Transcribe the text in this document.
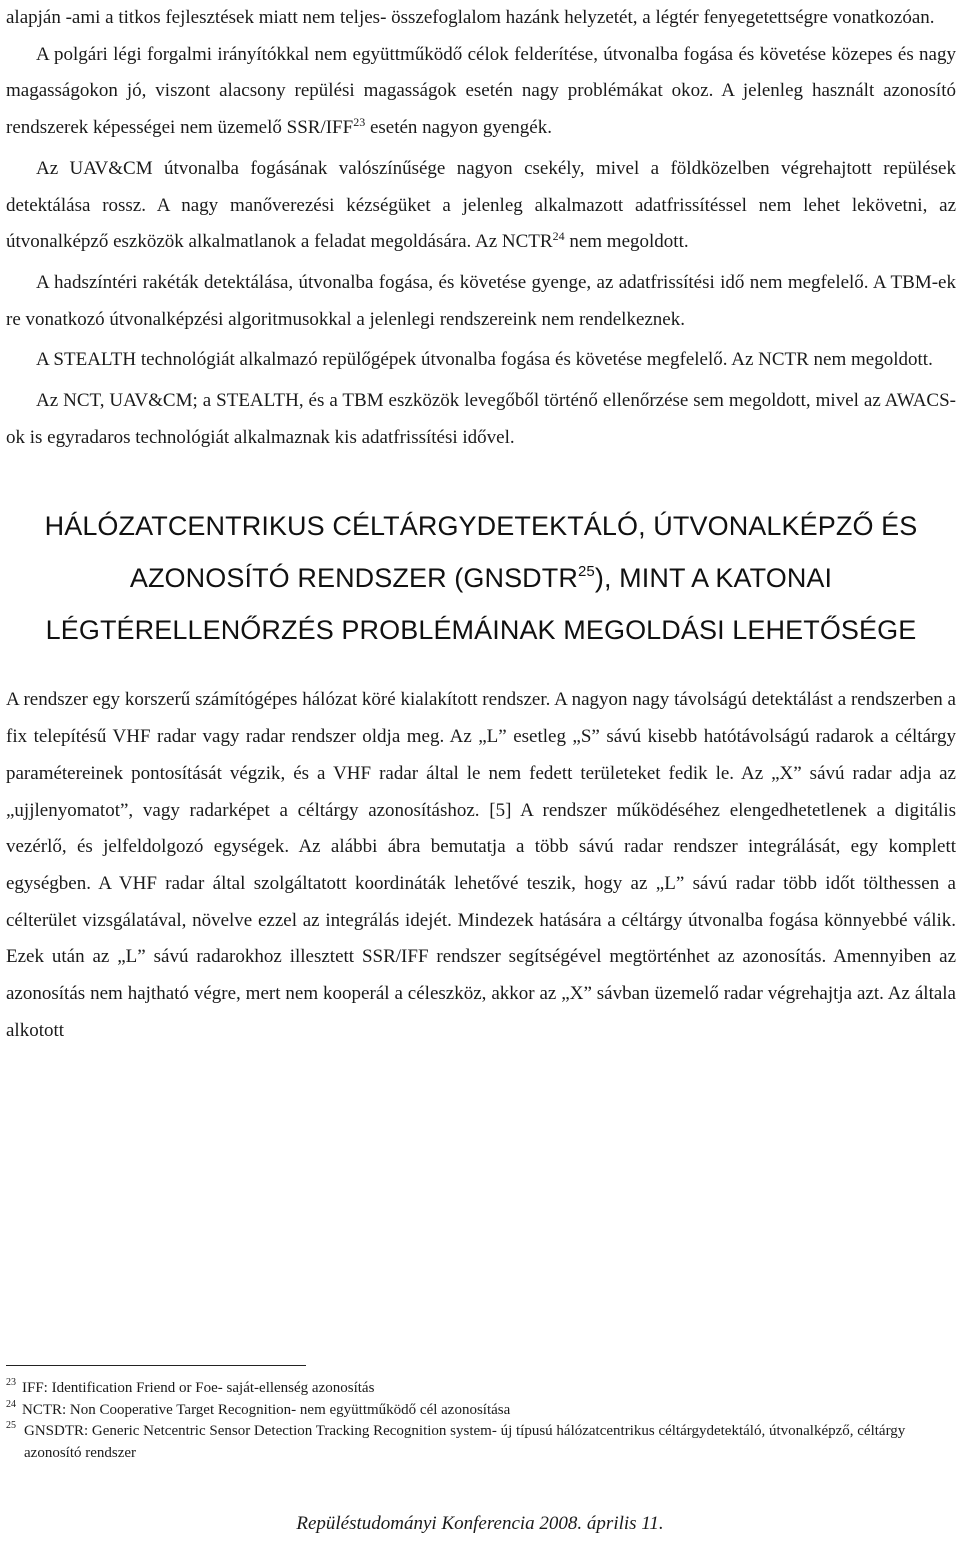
alapján -ami a titkos fejlesztések miatt nem teljes- összefoglalom hazánk helyzetét, a légtér fenyegetettségre vonatkozóan.

A polgári légi forgalmi irányítókkal nem együttműködő célok felderítése, útvonalba fogása és követése közepes és nagy magasságokon jó, viszont alacsony repülési magasságok esetén nagy problémákat okoz. A jelenleg használt azonosító rendszerek képességei nem üzemelő SSR/IFF$^{23}$ esetén nagyon gyengék.

Az UAV&CM útvonalba fogásának valószínűsége nagyon csekély, mivel a földközelben végrehajtott repülések detektálása rossz. A nagy manőverezési kézségüket a jelenleg alkalmazott adatfrissítéssel nem lehet lekövetni, az útvonalképző eszközök alkalmatlanok a feladat megoldására. Az NCTR$^{24}$ nem megoldott.

A hadszíntéri rakéták detektálása, útvonalba fogása, és követése gyenge, az adatfrissítési idő nem megfelelő. A TBM-ek re vonatkozó útvonalképzési algoritmusokkal a jelenlegi rendszereink nem rendelkeznek.

A STEALTH technológiát alkalmazó repülőgépek útvonalba fogása és követése megfelelő. Az NCTR nem megoldott.

Az NCT, UAV&CM; a STEALTH, és a TBM eszközök levegőből történő ellenőrzése sem megoldott, mivel az AWACS-ok is egyradaros technológiát alkalmaznak kis adatfrissítési idővel.

HÁLÓZATCENTRIKUS CÉLTÁRGYDETEKTÁLÓ, ÚTVONALKÉPZŐ ÉS
AZONOSÍTÓ RENDSZER (GNSDTR$^{25}$), MINT A KATONAI
LÉGTÉRELLENŐRZÉS PROBLÉMÁINAK MEGOLDÁSI LEHETŐSÉGE

A rendszer egy korszerű számítógépes hálózat köré kialakított rendszer. A nagyon nagy távolságú detektálást a rendszerben a fix telepítésű VHF radar vagy radar rendszer oldja meg. Az „L” esetleg „S” sávú kisebb hatótávolságú radarok a céltárgy paramétereinek pontosítását végzik, és a VHF radar által le nem fedett területeket fedik le. Az „X” sávú radar adja az „ujjlenyomatot”, vagy radarképet a céltárgy azonosításhoz. [5] A rendszer működéséhez elengedhetetlenek a digitális vezérlő, és jelfeldolgozó egységek. Az alábbi ábra bemutatja a több sávú radar rendszer integrálását, egy komplett egységben. A VHF radar által szolgáltatott koordináták lehetővé teszik, hogy az „L” sávú radar több időt tölthessen a célterület vizsgálatával, növelve ezzel az integrálás idejét. Mindezek hatására a céltárgy útvonalba fogása könnyebbé válik. Ezek után az „L” sávú radarokhoz illesztett SSR/IFF rendszer segítségével megtörténhet az azonosítás. Amennyiben az azonosítás nem hajtható végre, mert nem kooperál a céleszköz, akkor az „X” sávban üzemelő radar végrehajtja azt. Az általa alkotott

23 IFF: Identification Friend or Foe- saját-ellenség azonosítás

24 NCTR: Non Cooperative Target Recognition- nem együttműködő cél azonosítása

25 GNSDTR: Generic Netcentric Sensor Detection Tracking Recognition system- új típusú hálózatcentrikus céltárgydetektáló, útvonalképző, céltárgy azonosító rendszer

Repüléstudományi Konferencia 2008. április 11.
